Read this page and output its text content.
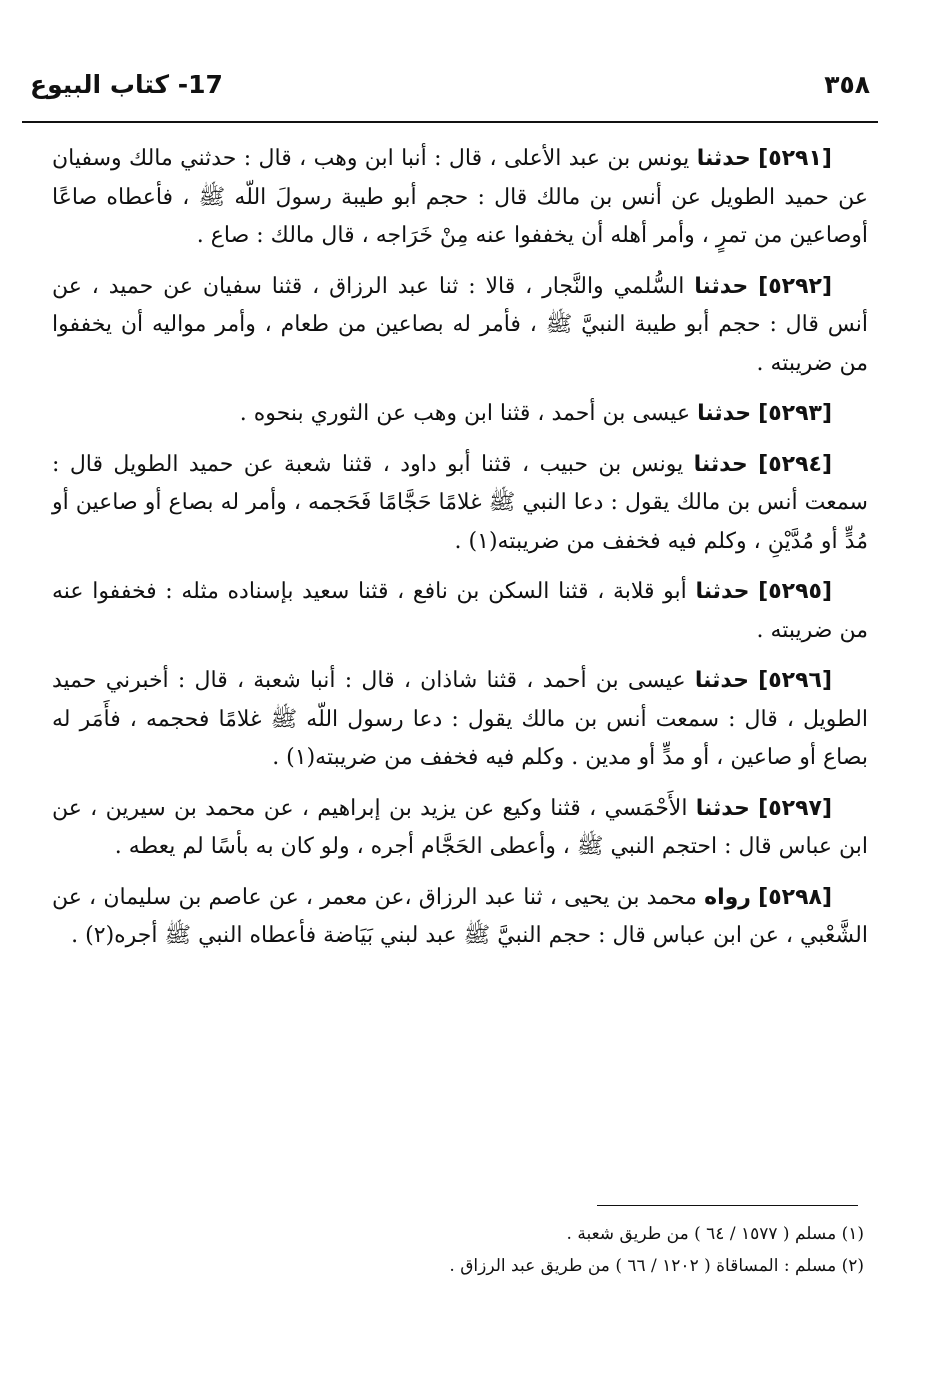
17- كتاب البيوع	٣٥٨

[٥٢٩١] حدثنا يونس بن عبد الأعلى ، قال : أنبا ابن وهب ، قال : حدثني مالك وسفيان عن حميد الطويل عن أنس بن مالك قال : حجم أبو طيبة رسولَ اللّه ﷺ ، فأعطاه صاعًا أوصاعين من تمرٍ ، وأمر أهله أن يخففوا عنه مِنْ خَرَاجه ، قال مالك : صاع .

[٥٢٩٢] حدثنا السُّلمي والنَّجار ، قالا : ثنا عبد الرزاق ، قثنا سفيان عن حميد ، عن أنس قال : حجم أبو طيبة النبيَّ ﷺ ، فأمر له بصاعين من طعام ، وأمر مواليه أن يخففوا من ضريبته .

[٥٢٩٣] حدثنا عيسى بن أحمد ، قثنا ابن وهب عن الثوري بنحوه .

[٥٢٩٤] حدثنا يونس بن حبيب ، قثنا أبو داود ، قثنا شعبة عن حميد الطويل قال : سمعت أنس بن مالك يقول : دعا النبي ﷺ غلامًا حَجَّامًا فَحَجمه ، وأمر له بصاع أو صاعين أو مُدٍّ أو مُدَّيْنِ ، وكلم فيه فخفف من ضريبته(١) .

[٥٢٩٥] حدثنا أبو قلابة ، قثنا السكن بن نافع ، قثنا سعيد بإسناده مثله : فخففوا عنه من ضريبته .

[٥٢٩٦] حدثنا عيسى بن أحمد ، قثنا شاذان ، قال : أنبا شعبة ، قال : أخبرني حميد الطويل ، قال : سمعت أنس بن مالك يقول : دعا رسول اللّه ﷺ غلامًا فحجمه ، فأَمَر له بصاع أو صاعين ، أو مدٍّ أو مدين . وكلم فيه فخفف من ضريبته(١) .

[٥٢٩٧] حدثنا الأَحْمَسي ، قثنا وكيع عن يزيد بن إبراهيم ، عن محمد بن سيرين ، عن ابن عباس قال : احتجم النبي ﷺ ، وأعطى الحَجَّام أجره ، ولو كان به بأسًا لم يعطه .

[٥٢٩٨] رواه محمد بن يحيى ، ثنا عبد الرزاق ،عن معمر ، عن عاصم بن سليمان ، عن الشَّعْبي ، عن ابن عباس قال : حجم النبيَّ ﷺ عبد لبني بَيَاضة فأعطاه النبي ﷺ أجره(٢) .

(١) مسلم ( ١٥٧٧ / ٦٤ ) من طريق شعبة .

(٢) مسلم : المساقاة ( ١٢٠٢ / ٦٦ ) من طريق عبد الرزاق .
